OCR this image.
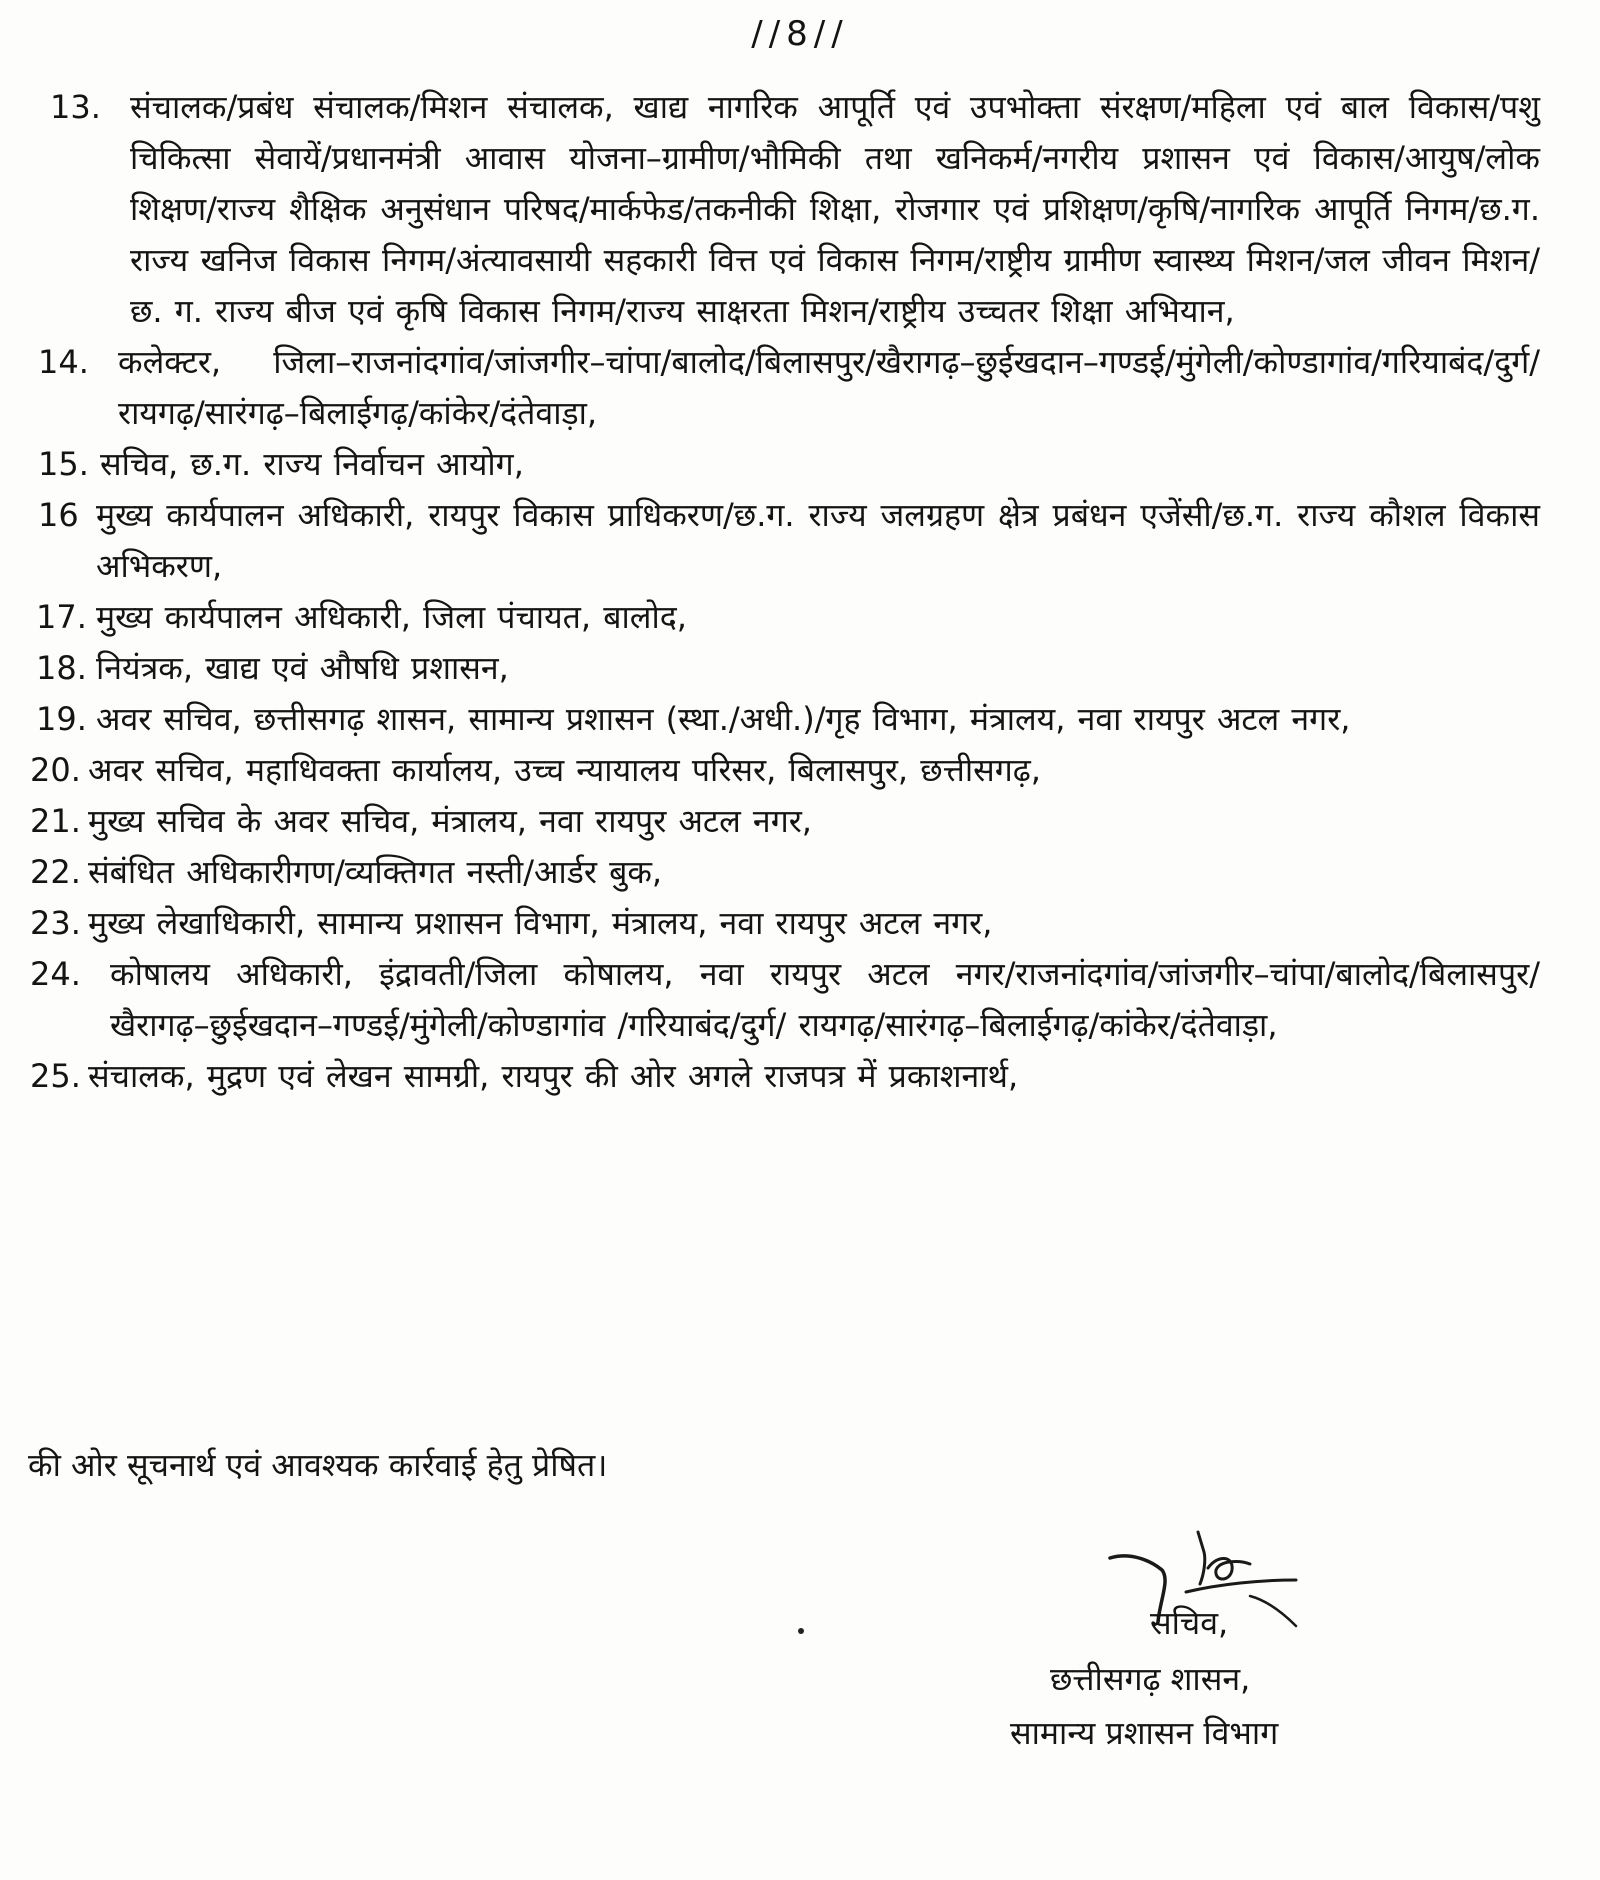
//8//
13. संचालक/प्रबंध संचालक/मिशन संचालक, खाद्य नागरिक आपूर्ति एवं उपभोक्ता संरक्षण/महिला एवं बाल विकास/पशु चिकित्सा सेवायें/प्रधानमंत्री आवास योजना–ग्रामीण/भौमिकी तथा खनिकर्म/नगरीय प्रशासन एवं विकास/आयुष/लोक शिक्षण/राज्य शैक्षिक अनुसंधान परिषद/मार्कफेड/तकनीकी शिक्षा, रोजगार एवं प्रशिक्षण/कृषि/नागरिक आपूर्ति निगम/छ.ग. राज्य खनिज विकास निगम/अंत्यावसायी सहकारी वित्त एवं विकास निगम/राष्ट्रीय ग्रामीण स्वास्थ्य मिशन/जल जीवन मिशन/छ. ग. राज्य बीज एवं कृषि विकास निगम/राज्य साक्षरता मिशन/राष्ट्रीय उच्चतर शिक्षा अभियान,
14. कलेक्टर, जिला–राजनांदगांव/जांजगीर–चांपा/बालोद/बिलासपुर/खैरागढ़–छुईखदान–गण्डई/मुंगेली/कोण्डागांव/गरियाबंद/दुर्ग/रायगढ़/सारंगढ़–बिलाईगढ़/कांकेर/दंतेवाड़ा,
15. सचिव, छ.ग. राज्य निर्वाचन आयोग,
16 मुख्य कार्यपालन अधिकारी, रायपुर विकास प्राधिकरण/छ.ग. राज्य जलग्रहण क्षेत्र प्रबंधन एजेंसी/छ.ग. राज्य कौशल विकास अभिकरण,
17. मुख्य कार्यपालन अधिकारी, जिला पंचायत, बालोद,
18. नियंत्रक, खाद्य एवं औषधि प्रशासन,
19. अवर सचिव, छत्तीसगढ़ शासन, सामान्य प्रशासन (स्था./अधी.)/गृह विभाग, मंत्रालय, नवा रायपुर अटल नगर,
20. अवर सचिव, महाधिवक्ता कार्यालय, उच्च न्यायालय परिसर, बिलासपुर, छत्तीसगढ़,
21. मुख्य सचिव के अवर सचिव, मंत्रालय, नवा रायपुर अटल नगर,
22. संबंधित अधिकारीगण/व्यक्तिगत नस्ती/आर्डर बुक,
23. मुख्य लेखाधिकारी, सामान्य प्रशासन विभाग, मंत्रालय, नवा रायपुर अटल नगर,
24. कोषालय अधिकारी, इंद्रावती/जिला कोषालय, नवा रायपुर अटल नगर/राजनांदगांव/जांजगीर–चांपा/बालोद/बिलासपुर/खैरागढ़–छुईखदान–गण्डई/मुंगेली/कोण्डागांव /गरियाबंद/दुर्ग/ रायगढ़/सारंगढ़–बिलाईगढ़/कांकेर/दंतेवाड़ा,
25. संचालक, मुद्रण एवं लेखन सामग्री, रायपुर की ओर अगले राजपत्र में प्रकाशनार्थ,
की ओर सूचनार्थ एवं आवश्यक कार्रवाई हेतु प्रेषित।
सचिव,
छत्तीसगढ़ शासन,
सामान्य प्रशासन विभाग
